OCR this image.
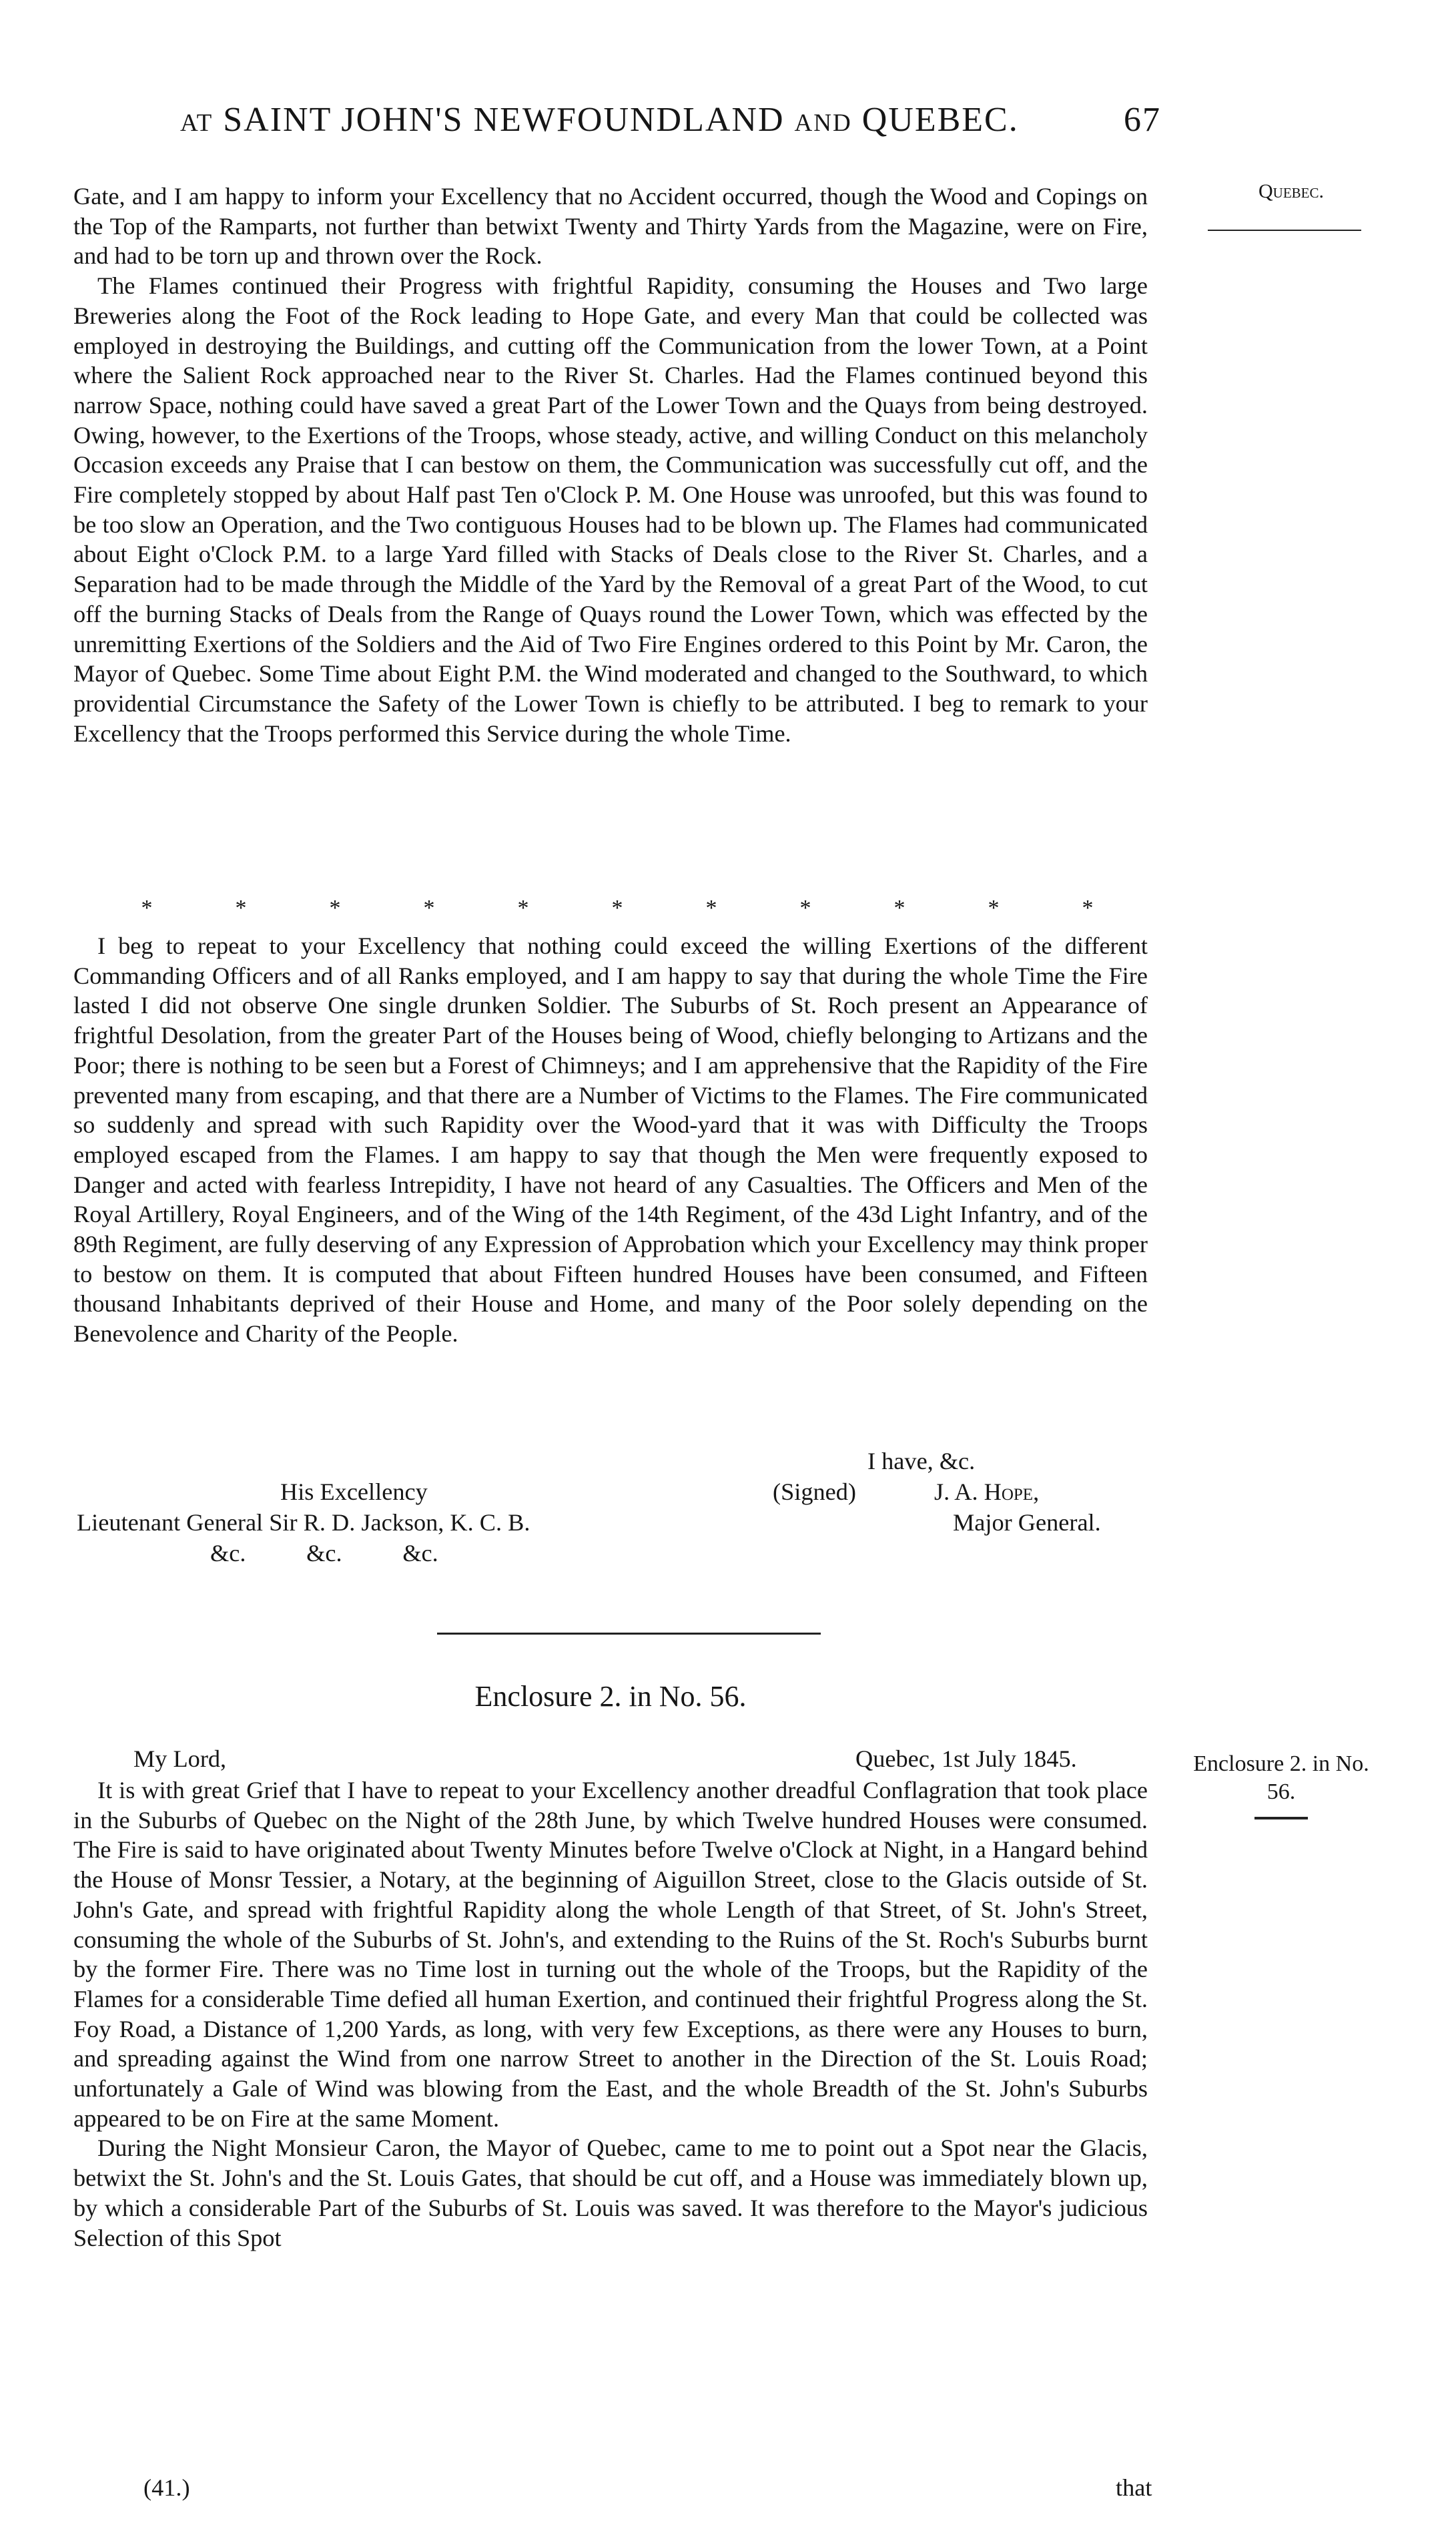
AT SAINT JOHN'S NEWFOUNDLAND AND QUEBEC.	67
Quebec.

Gate, and I am happy to inform your Excellency that no Accident occurred, though the Wood and Copings on the Top of the Ramparts, not further than betwixt Twenty and Thirty Yards from the Magazine, were on Fire, and had to be torn up and thrown over the Rock.

The Flames continued their Progress with frightful Rapidity, consuming the Houses and Two large Breweries along the Foot of the Rock leading to Hope Gate, and every Man that could be collected was employed in destroying the Buildings, and cutting off the Communication from the lower Town, at a Point where the Salient Rock approached near to the River St. Charles. Had the Flames continued beyond this narrow Space, nothing could have saved a great Part of the Lower Town and the Quays from being destroyed. Owing, however, to the Exertions of the Troops, whose steady, active, and willing Conduct on this melancholy Occasion exceeds any Praise that I can bestow on them, the Communication was successfully cut off, and the Fire completely stopped by about Half past Ten o'Clock P. M. One House was unroofed, but this was found to be too slow an Operation, and the Two contiguous Houses had to be blown up. The Flames had communicated about Eight o'Clock P.M. to a large Yard filled with Stacks of Deals close to the River St. Charles, and a Separation had to be made through the Middle of the Yard by the Removal of a great Part of the Wood, to cut off the burning Stacks of Deals from the Range of Quays round the Lower Town, which was effected by the unremitting Exertions of the Soldiers and the Aid of Two Fire Engines ordered to this Point by Mr. Caron, the Mayor of Quebec. Some Time about Eight P.M. the Wind moderated and changed to the Southward, to which providential Circumstance the Safety of the Lower Town is chiefly to be attributed. I beg to remark to your Excellency that the Troops performed this Service during the whole Time.

*	*	*	*	*	*	*	*	*	*	*

I beg to repeat to your Excellency that nothing could exceed the willing Exertions of the different Commanding Officers and of all Ranks employed, and I am happy to say that during the whole Time the Fire lasted I did not observe One single drunken Soldier. The Suburbs of St. Roch present an Appearance of frightful Desolation, from the greater Part of the Houses being of Wood, chiefly belonging to Artizans and the Poor; there is nothing to be seen but a Forest of Chimneys; and I am apprehensive that the Rapidity of the Fire prevented many from escaping, and that there are a Number of Victims to the Flames. The Fire communicated so suddenly and spread with such Rapidity over the Wood-yard that it was with Difficulty the Troops employed escaped from the Flames. I am happy to say that though the Men were frequently exposed to Danger and acted with fearless Intrepidity, I have not heard of any Casualties. The Officers and Men of the Royal Artillery, Royal Engineers, and of the Wing of the 14th Regiment, of the 43d Light Infantry, and of the 89th Regiment, are fully deserving of any Expression of Approbation which your Excellency may think proper to bestow on them. It is computed that about Fifteen hundred Houses have been consumed, and Fifteen thousand Inhabitants deprived of their House and Home, and many of the Poor solely depending on the Benevolence and Charity of the People.

I have, &c.
(Signed)	J. A. Hope,
Major General.
His Excellency
Lieutenant General Sir R. D. Jackson, K. C. B.
&c.          &c.          &c.
Enclosure 2. in No. 56.
My Lord,	Quebec, 1st July 1845.	Enclosure 2. in No. 56.

It is with great Grief that I have to repeat to your Excellency another dreadful Conflagration that took place in the Suburbs of Quebec on the Night of the 28th June, by which Twelve hundred Houses were consumed. The Fire is said to have originated about Twenty Minutes before Twelve o'Clock at Night, in a Hangard behind the House of Monsr Tessier, a Notary, at the beginning of Aiguillon Street, close to the Glacis outside of St. John's Gate, and spread with frightful Rapidity along the whole Length of that Street, of St. John's Street, consuming the whole of the Suburbs of St. John's, and extending to the Ruins of the St. Roch's Suburbs burnt by the former Fire. There was no Time lost in turning out the whole of the Troops, but the Rapidity of the Flames for a considerable Time defied all human Exertion, and continued their frightful Progress along the St. Foy Road, a Distance of 1,200 Yards, as long, with very few Exceptions, as there were any Houses to burn, and spreading against the Wind from one narrow Street to another in the Direction of the St. Louis Road; unfortunately a Gale of Wind was blowing from the East, and the whole Breadth of the St. John's Suburbs appeared to be on Fire at the same Moment.

During the Night Monsieur Caron, the Mayor of Quebec, came to me to point out a Spot near the Glacis, betwixt the St. John's and the St. Louis Gates, that should be cut off, and a House was immediately blown up, by which a considerable Part of the Suburbs of St. Louis was saved. It was therefore to the Mayor's judicious Selection of this Spot

(41.)	that
